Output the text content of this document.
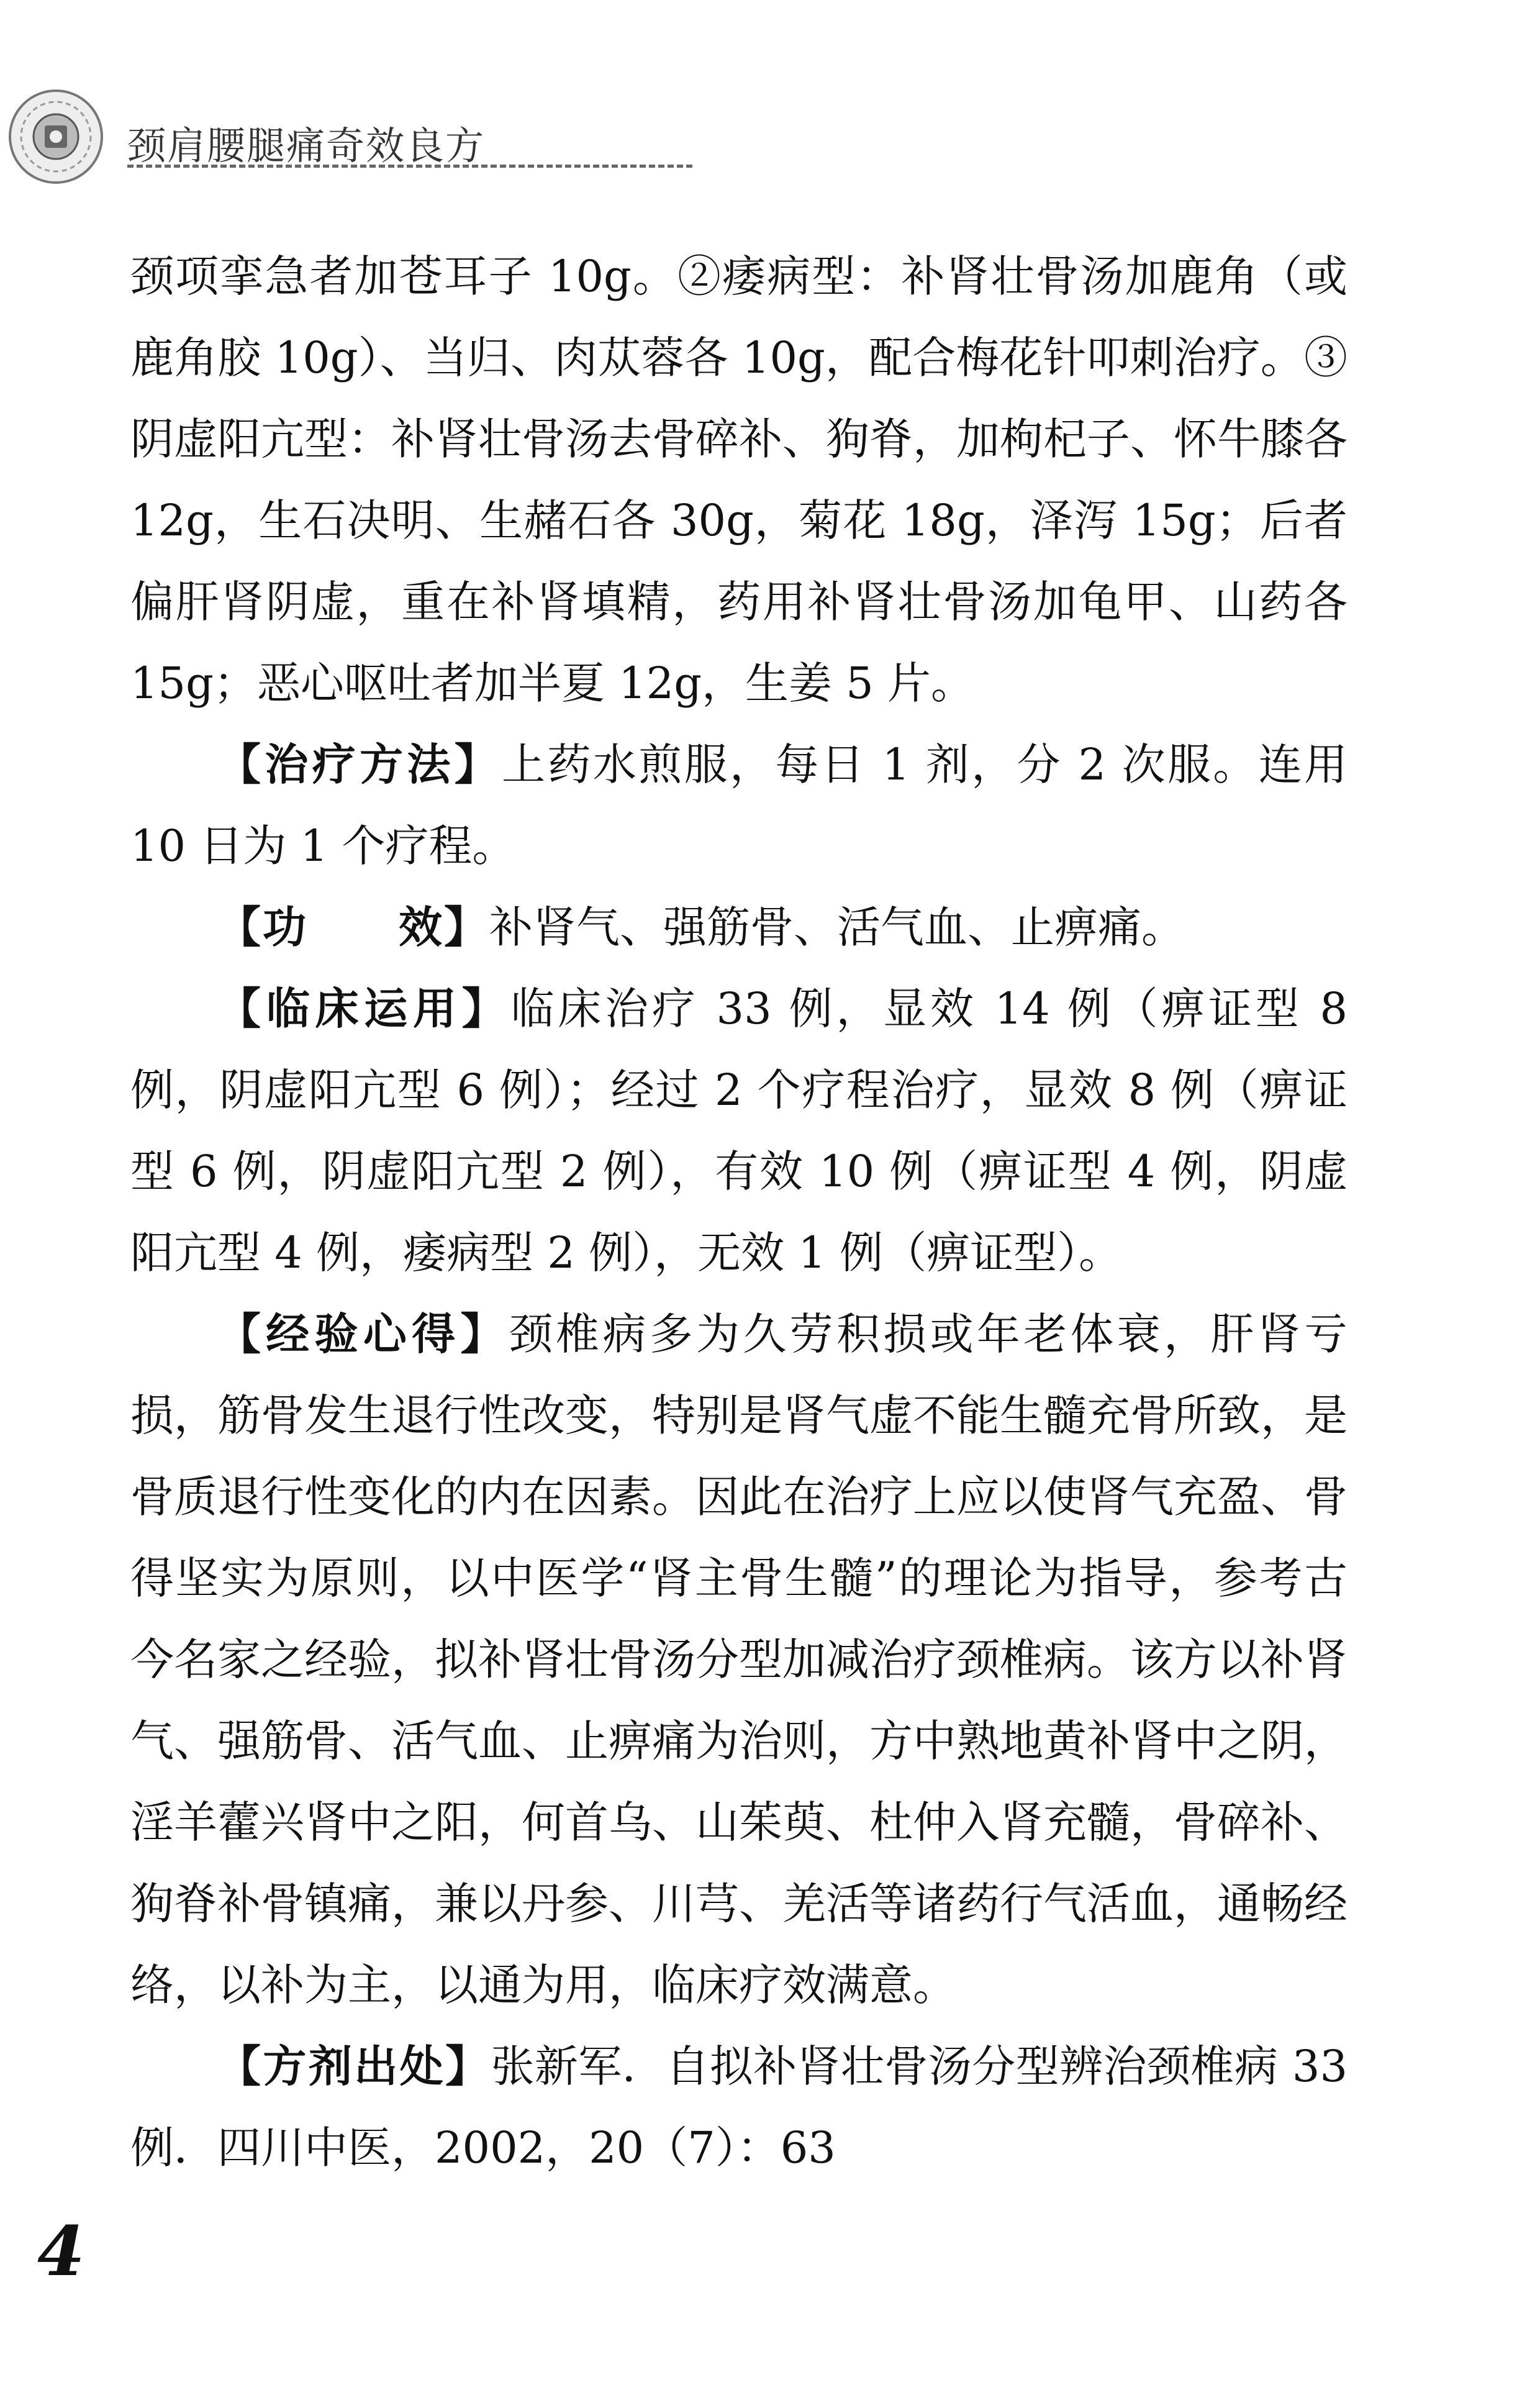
颈肩腰腿痛奇效良方

颈项挛急者加苍耳子 10g。②痿病型：补肾壮骨汤加鹿角（或鹿角胶 10g）、当归、肉苁蓉各 10g，配合梅花针叩刺治疗。③阴虚阳亢型：补肾壮骨汤去骨碎补、狗脊，加枸杞子、怀牛膝各 12g，生石决明、生赭石各 30g，菊花 18g，泽泻 15g；后者偏肝肾阴虚，重在补肾填精，药用补肾壮骨汤加龟甲、山药各 15g；恶心呕吐者加半夏 12g，生姜 5 片。

【治疗方法】上药水煎服，每日 1 剂，分 2 次服。连用 10 日为 1 个疗程。

【功　　效】补肾气、强筋骨、活气血、止痹痛。

【临床运用】临床治疗 33 例，显效 14 例（痹证型 8 例，阴虚阳亢型 6 例）；经过 2 个疗程治疗，显效 8 例（痹证型 6 例，阴虚阳亢型 2 例），有效 10 例（痹证型 4 例，阴虚阳亢型 4 例，痿病型 2 例），无效 1 例（痹证型）。

【经验心得】颈椎病多为久劳积损或年老体衰，肝肾亏损，筋骨发生退行性改变，特别是肾气虚不能生髓充骨所致，是骨质退行性变化的内在因素。因此在治疗上应以使肾气充盈、骨得坚实为原则，以中医学“肾主骨生髓”的理论为指导，参考古今名家之经验，拟补肾壮骨汤分型加减治疗颈椎病。该方以补肾气、强筋骨、活气血、止痹痛为治则，方中熟地黄补肾中之阴，淫羊藿兴肾中之阳，何首乌、山茱萸、杜仲入肾充髓，骨碎补、狗脊补骨镇痛，兼以丹参、川芎、羌活等诸药行气活血，通畅经络，以补为主，以通为用，临床疗效满意。

【方剂出处】张新军．自拟补肾壮骨汤分型辨治颈椎病 33 例．四川中医，2002，20（7）：63

4
